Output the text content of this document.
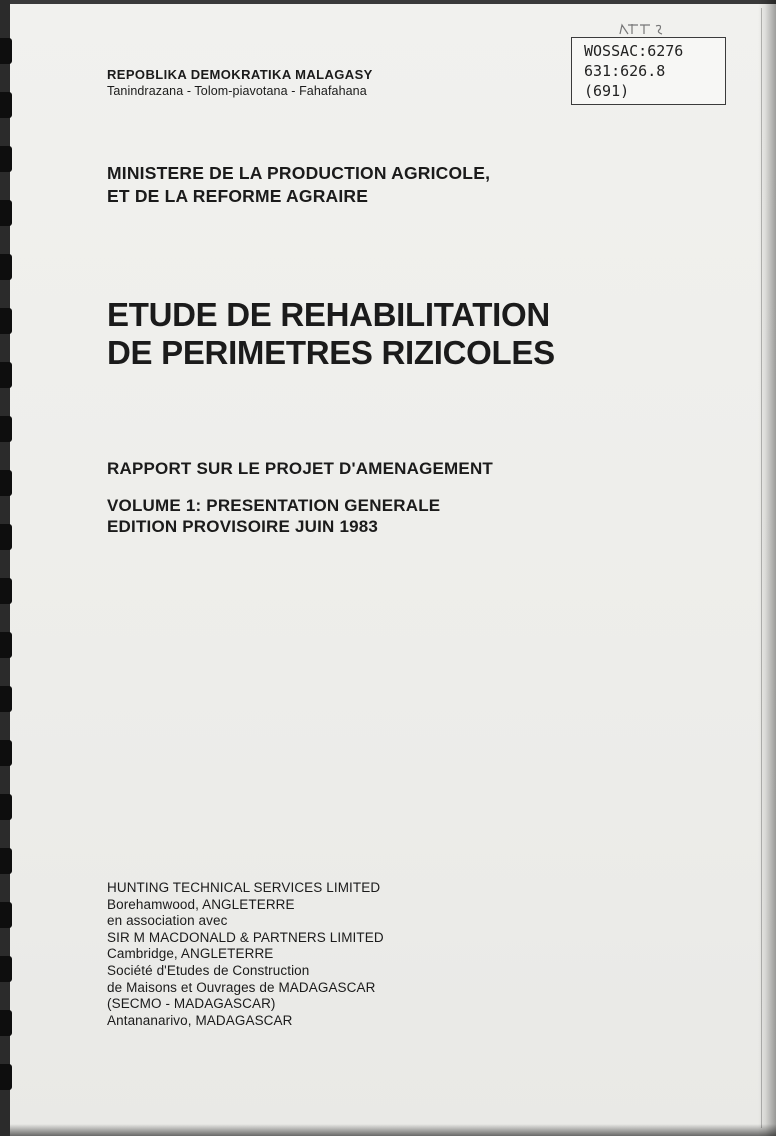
WOSSAC:6276
631:626.8
(691)
REPOBLIKA DEMOKRATIKA MALAGASY
Tanindrazana - Tolom-piavotana - Fahafahana
MINISTERE DE LA PRODUCTION AGRICOLE,
ET DE LA REFORME AGRAIRE
ETUDE DE REHABILITATION
DE PERIMETRES RIZICOLES
RAPPORT SUR LE PROJET D'AMENAGEMENT
VOLUME 1: PRESENTATION GENERALE
EDITION PROVISOIRE JUIN 1983
HUNTING TECHNICAL SERVICES LIMITED
Borehamwood, ANGLETERRE
en association avec
SIR M MACDONALD & PARTNERS LIMITED
Cambridge, ANGLETERRE
Société d'Etudes de Construction
de Maisons et Ouvrages de MADAGASCAR
(SECMO - MADAGASCAR)
Antananarivo, MADAGASCAR
